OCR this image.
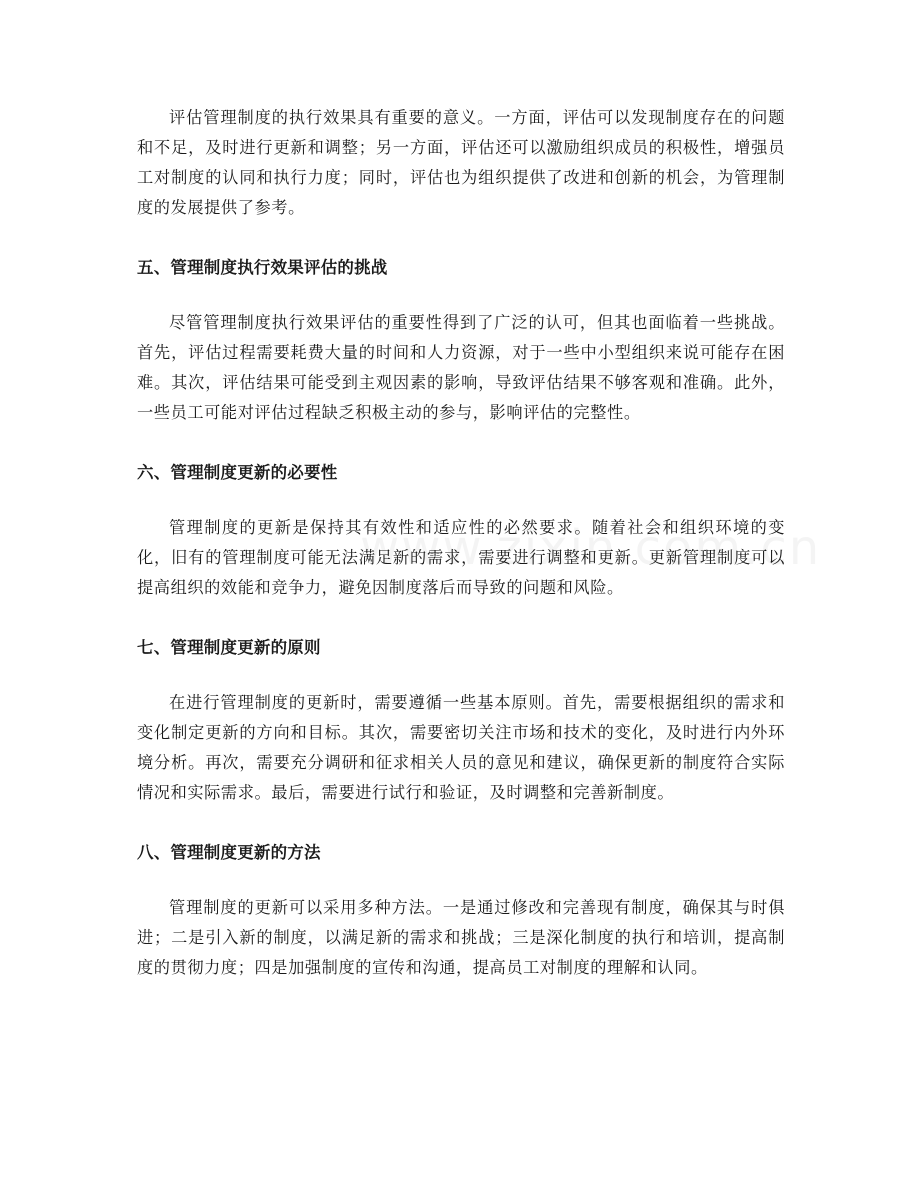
评估管理制度的执行效果具有重要的意义。一方面，评估可以发现制度存在的问题和不足，及时进行更新和调整；另一方面，评估还可以激励组织成员的积极性，增强员工对制度的认同和执行力度；同时，评估也为组织提供了改进和创新的机会，为管理制度的发展提供了参考。

五、管理制度执行效果评估的挑战

尽管管理制度执行效果评估的重要性得到了广泛的认可，但其也面临着一些挑战。首先，评估过程需要耗费大量的时间和人力资源，对于一些中小型组织来说可能存在困难。其次，评估结果可能受到主观因素的影响，导致评估结果不够客观和准确。此外，一些员工可能对评估过程缺乏积极主动的参与，影响评估的完整性。

六、管理制度更新的必要性

管理制度的更新是保持其有效性和适应性的必然要求。随着社会和组织环境的变化，旧有的管理制度可能无法满足新的需求，需要进行调整和更新。更新管理制度可以提高组织的效能和竞争力，避免因制度落后而导致的问题和风险。

七、管理制度更新的原则

在进行管理制度的更新时，需要遵循一些基本原则。首先，需要根据组织的需求和变化制定更新的方向和目标。其次，需要密切关注市场和技术的变化，及时进行内外环境分析。再次，需要充分调研和征求相关人员的意见和建议，确保更新的制度符合实际情况和实际需求。最后，需要进行试行和验证，及时调整和完善新制度。

八、管理制度更新的方法

管理制度的更新可以采用多种方法。一是通过修改和完善现有制度，确保其与时俱进；二是引入新的制度，以满足新的需求和挑战；三是深化制度的执行和培训，提高制度的贯彻力度；四是加强制度的宣传和沟通，提高员工对制度的理解和认同。
